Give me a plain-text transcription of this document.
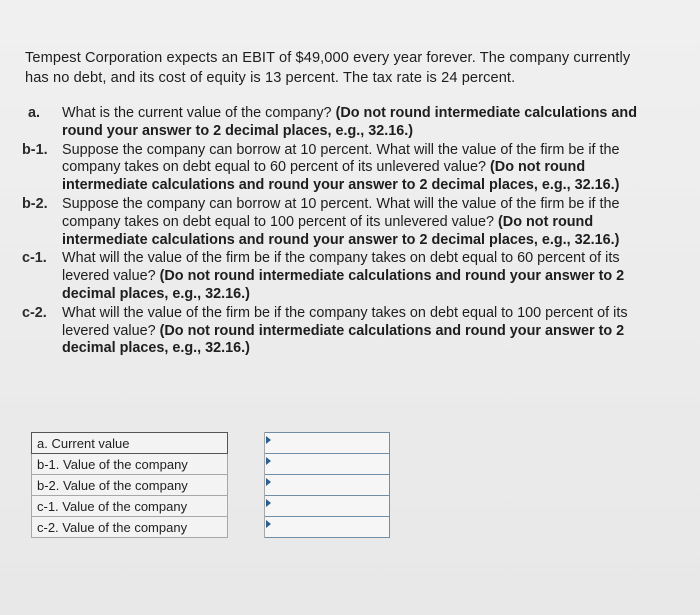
Tempest Corporation expects an EBIT of $49,000 every year forever. The company currently has no debt, and its cost of equity is 13 percent. The tax rate is 24 percent.
a.	What is the current value of the company? (Do not round intermediate calculations and round your answer to 2 decimal places, e.g., 32.16.)
b-1.	Suppose the company can borrow at 10 percent. What will the value of the firm be if the company takes on debt equal to 60 percent of its unlevered value? (Do not round intermediate calculations and round your answer to 2 decimal places, e.g., 32.16.)
b-2.	Suppose the company can borrow at 10 percent. What will the value of the firm be if the company takes on debt equal to 100 percent of its unlevered value? (Do not round intermediate calculations and round your answer to 2 decimal places, e.g., 32.16.)
c-1.	What will the value of the firm be if the company takes on debt equal to 60 percent of its levered value? (Do not round intermediate calculations and round your answer to 2 decimal places, e.g., 32.16.)
c-2.	What will the value of the firm be if the company takes on debt equal to 100 percent of its levered value? (Do not round intermediate calculations and round your answer to 2 decimal places, e.g., 32.16.)
a. Current value		

b-1. Value of the company		

b-2. Value of the company		

c-1. Value of the company		

c-2. Value of the company		
